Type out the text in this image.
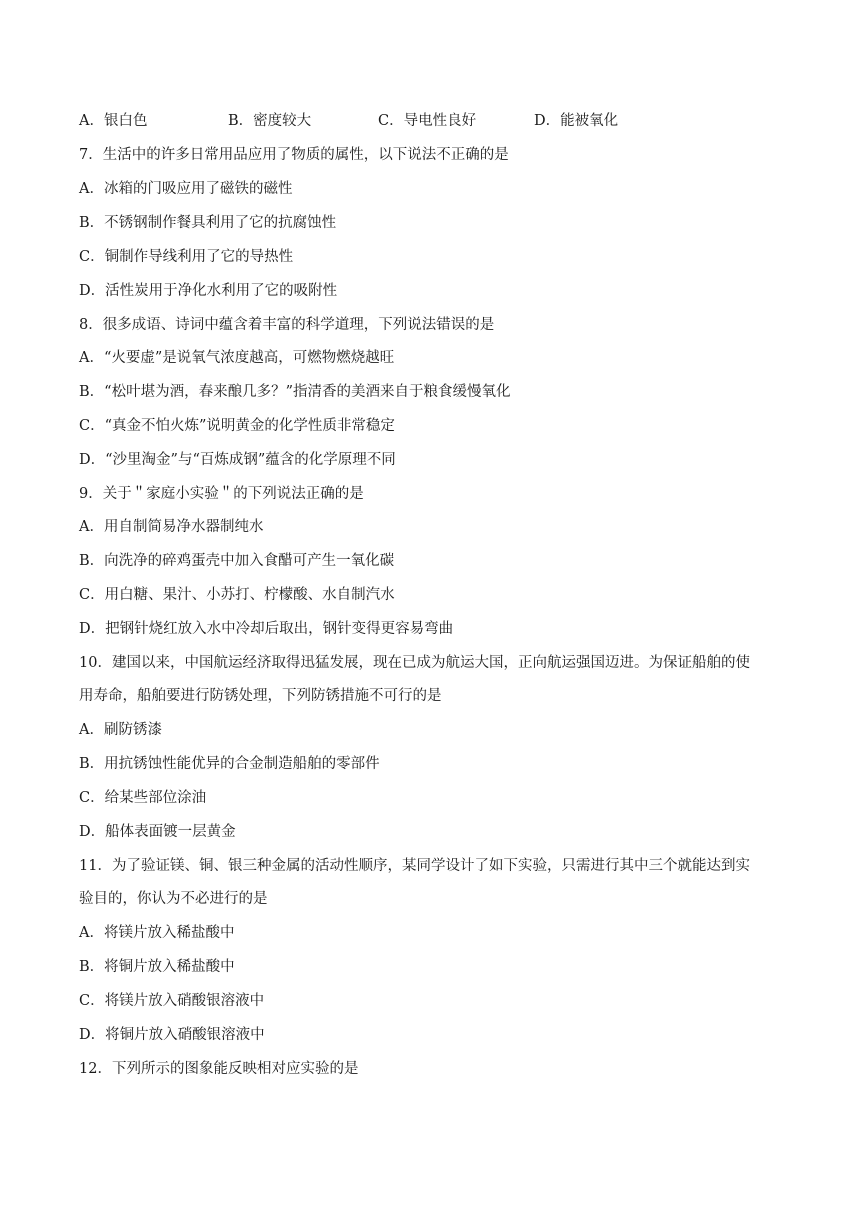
A．银白色	B．密度较大	C．导电性良好	D．能被氧化
7．生活中的许多日常用品应用了物质的属性，以下说法不正确的是
A．冰箱的门吸应用了磁铁的磁性
B．不锈钢制作餐具利用了它的抗腐蚀性
C．铜制作导线利用了它的导热性
D．活性炭用于净化水利用了它的吸附性
8．很多成语、诗词中蕴含着丰富的科学道理，下列说法错误的是
A．“火要虚”是说氧气浓度越高，可燃物燃烧越旺
B．“松叶堪为酒，春来酿几多？”指清香的美酒来自于粮食缓慢氧化
C．“真金不怕火炼”说明黄金的化学性质非常稳定
D．“沙里淘金”与“百炼成钢”蕴含的化学原理不同
9．关于＂家庭小实验＂的下列说法正确的是
A．用自制简易净水器制纯水
B．向洗净的碎鸡蛋壳中加入食醋可产生一氧化碳
C．用白糖、果汁、小苏打、柠檬酸、水自制汽水
D．把钢针烧红放入水中冷却后取出，钢针变得更容易弯曲
10．建国以来，中国航运经济取得迅猛发展，现在已成为航运大国，正向航运强国迈进。为保证船舶的使
用寿命，船舶要进行防锈处理，下列防锈措施不可行的是
A．刷防锈漆
B．用抗锈蚀性能优异的合金制造船舶的零部件
C．给某些部位涂油
D．船体表面镀一层黄金
11．为了验证镁、铜、银三种金属的活动性顺序，某同学设计了如下实验，只需进行其中三个就能达到实
验目的，你认为不必进行的是
A．将镁片放入稀盐酸中
B．将铜片放入稀盐酸中
C．将镁片放入硝酸银溶液中
D．将铜片放入硝酸银溶液中
12．下列所示的图象能反映相对应实验的是
